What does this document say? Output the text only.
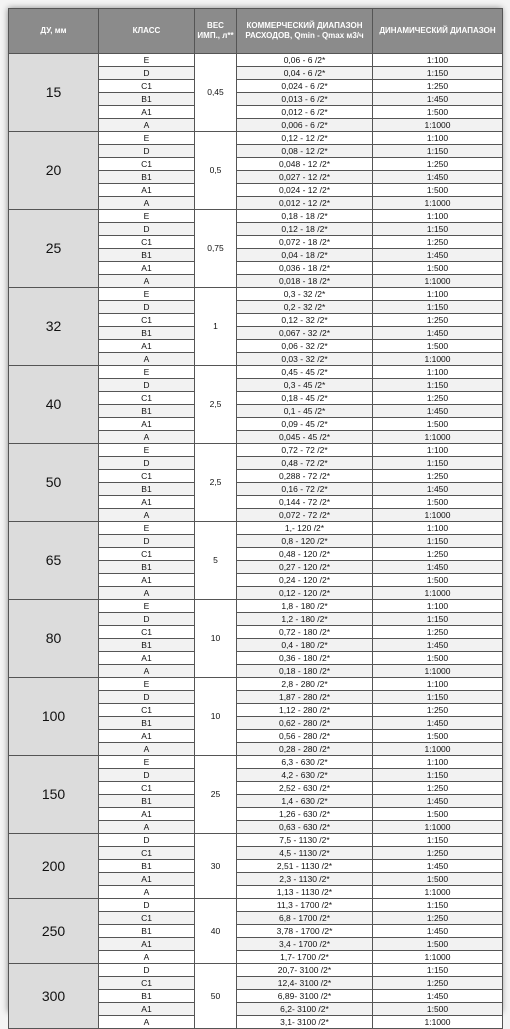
ДУ, мм	КЛАСС	ВЕС ИМП., л**	КОММЕРЧЕСКИЙ ДИАПАЗОН РАСХОДОВ, Qmin - Qmax м3/ч	ДИНАМИЧЕСКИЙ ДИАПАЗОН
15	E	0,45	0,06 - 6 /2*	1:100
	D		0,04 - 6 /2*	1:150
	C1		0,024 - 6 /2*	1:250
	B1		0,013 - 6 /2*	1:450
	A1		0,012 - 6 /2*	1:500
	A		0,006 - 6 /2*	1:1000
20	E	0,5	0,12 - 12 /2*	1:100
	D		0,08 - 12 /2*	1:150
	C1		0,048 - 12 /2*	1:250
	B1		0,027 - 12 /2*	1:450
	A1		0,024 - 12 /2*	1:500
	A		0,012 - 12 /2*	1:1000
25	E	0,75	0,18 - 18 /2*	1:100
	D		0,12 - 18 /2*	1:150
	C1		0,072 - 18 /2*	1:250
	B1		0,04 - 18 /2*	1:450
	A1		0,036 - 18 /2*	1:500
	A		0,018 - 18 /2*	1:1000
32	E	1	0,3 - 32 /2*	1:100
	D		0,2 - 32 /2*	1:150
	C1		0,12 - 32 /2*	1:250
	B1		0,067 - 32 /2*	1:450
	A1		0,06 - 32 /2*	1:500
	A		0,03 - 32 /2*	1:1000
40	E	2,5	0,45 - 45 /2*	1:100
	D		0,3 - 45 /2*	1:150
	C1		0,18 - 45 /2*	1:250
	B1		0,1 - 45 /2*	1:450
	A1		0,09 - 45 /2*	1:500
	A		0,045 - 45 /2*	1:1000
50	E	2,5	0,72 - 72 /2*	1:100
	D		0,48 - 72 /2*	1:150
	C1		0,288 - 72 /2*	1:250
	B1		0,16 - 72 /2*	1:450
	A1		0,144 - 72 /2*	1:500
	A		0,072 - 72 /2*	1:1000
65	E	5	1,- 120 /2*	1:100
	D		0,8 - 120 /2*	1:150
	C1		0,48 - 120 /2*	1:250
	B1		0,27 - 120 /2*	1:450
	A1		0,24 - 120 /2*	1:500
	A		0,12 - 120 /2*	1:1000
80	E	10	1,8 - 180 /2*	1:100
	D		1,2 - 180 /2*	1:150
	C1		0,72 - 180 /2*	1:250
	B1		0,4 - 180 /2*	1:450
	A1		0,36 - 180 /2*	1:500
	A		0,18 - 180 /2*	1:1000
100	E	10	2,8 - 280 /2*	1:100
	D		1,87 - 280 /2*	1:150
	C1		1,12 - 280 /2*	1:250
	B1		0,62 - 280 /2*	1:450
	A1		0,56 - 280 /2*	1:500
	A		0,28 - 280 /2*	1:1000
150	E	25	6,3 - 630 /2*	1:100
	D		4,2 - 630 /2*	1:150
	C1		2,52 - 630 /2*	1:250
	B1		1,4 - 630 /2*	1:450
	A1		1,26 - 630 /2*	1:500
	A		0,63 - 630 /2*	1:1000
200	D	30	7,5 - 1130 /2*	1:150
	C1		4,5 - 1130 /2*	1:250
	B1		2,51 - 1130 /2*	1:450
	A1		2,3 - 1130 /2*	1:500
	A		1,13 - 1130 /2*	1:1000
250	D	40	11,3 - 1700 /2*	1:150
	C1		6,8 - 1700 /2*	1:250
	B1		3,78 - 1700 /2*	1:450
	A1		3,4 - 1700 /2*	1:500
	A		1,7- 1700 /2*	1:1000
300	D	50	20,7- 3100 /2*	1:150
	C1		12,4- 3100 /2*	1:250
	B1		6,89- 3100 /2*	1:450
	A1		6,2- 3100 /2*	1:500
	A		3,1- 3100 /2*	1:1000
